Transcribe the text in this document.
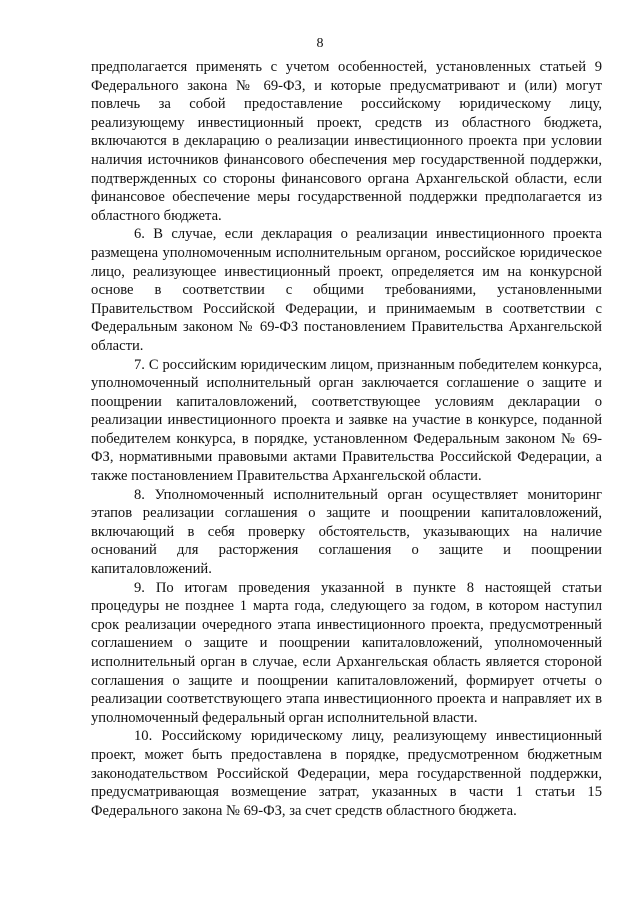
8

предполагается применять с учетом особенностей, установленных статьей 9 Федерального закона № 69-ФЗ, и которые предусматривают и (или) могут повлечь за собой предоставление российскому юридическому лицу, реализующему инвестиционный проект, средств из областного бюджета, включаются в декларацию о реализации инвестиционного проекта при условии наличия источников финансового обеспечения мер государственной поддержки, подтвержденных со стороны финансового органа Архангельской области, если финансовое обеспечение меры государственной поддержки предполагается из областного бюджета.

6. В случае, если декларация о реализации инвестиционного проекта размещена уполномоченным исполнительным органом, российское юридическое лицо, реализующее инвестиционный проект, определяется им на конкурсной основе в соответствии с общими требованиями, установленными Правительством Российской Федерации, и принимаемым в соответствии с Федеральным законом № 69-ФЗ постановлением Правительства Архангельской области.

7. С российским юридическим лицом, признанным победителем конкурса, уполномоченный исполнительный орган заключается соглашение о защите и поощрении капиталовложений, соответствующее условиям декларации о реализации инвестиционного проекта и заявке на участие в конкурсе, поданной победителем конкурса, в порядке, установленном Федеральным законом № 69-ФЗ, нормативными правовыми актами Правительства Российской Федерации, а также постановлением Правительства Архангельской области.

8. Уполномоченный исполнительный орган осуществляет мониторинг этапов реализации соглашения о защите и поощрении капиталовложений, включающий в себя проверку обстоятельств, указывающих на наличие оснований для расторжения соглашения о защите и поощрении капиталовложений.

9. По итогам проведения указанной в пункте 8 настоящей статьи процедуры не позднее 1 марта года, следующего за годом, в котором наступил срок реализации очередного этапа инвестиционного проекта, предусмотренный соглашением о защите и поощрении капиталовложений, уполномоченный исполнительный орган в случае, если Архангельская область является стороной соглашения о защите и поощрении капиталовложений, формирует отчеты о реализации соответствующего этапа инвестиционного проекта и направляет их в уполномоченный федеральный орган исполнительной власти.

10. Российскому юридическому лицу, реализующему инвестиционный проект, может быть предоставлена в порядке, предусмотренном бюджетным законодательством Российской Федерации, мера государственной поддержки, предусматривающая возмещение затрат, указанных в части 1 статьи 15 Федерального закона № 69-ФЗ, за счет средств областного бюджета.
